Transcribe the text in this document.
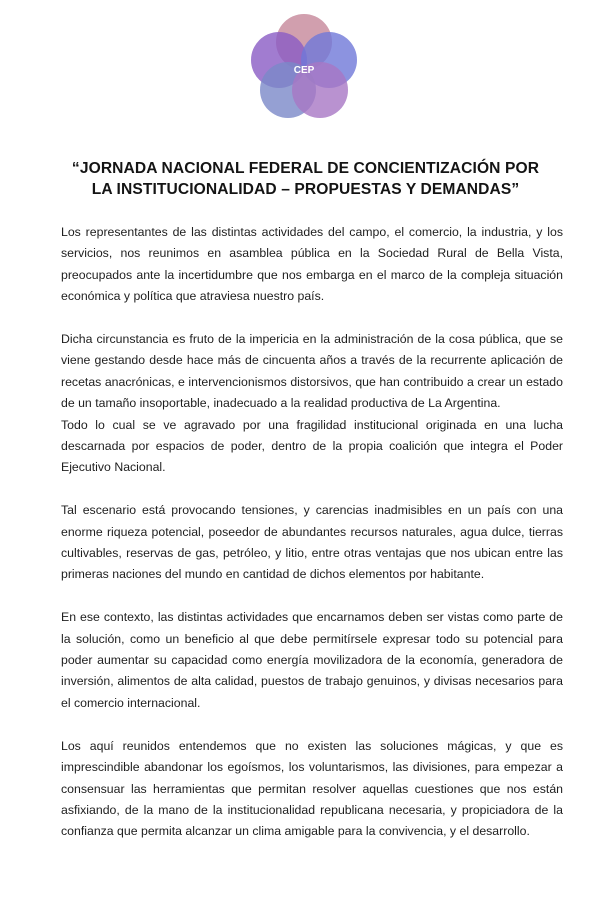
CEP
“JORNADA NACIONAL FEDERAL DE CONCIENTIZACIÓN POR
LA INSTITUCIONALIDAD – PROPUESTAS Y DEMANDAS”
Los representantes de las distintas actividades del campo, el comercio, la industria, y los
servicios, nos reunimos en asamblea pública en la Sociedad Rural de Bella Vista,
preocupados ante la incertidumbre que nos embarga en el marco de la compleja situación
económica y política que atraviesa nuestro país.
Dicha circunstancia es fruto de la impericia en la administración de la cosa pública, que se
viene gestando desde hace más de cincuenta años a través de la recurrente aplicación de
recetas anacrónicas, e intervencionismos distorsivos, que han contribuido a crear un estado
de un tamaño insoportable, inadecuado a la realidad productiva de La Argentina.
Todo lo cual se ve agravado por una fragilidad institucional originada en una lucha
descarnada por espacios de poder, dentro de la propia coalición que integra el Poder
Ejecutivo Nacional.
Tal escenario está provocando tensiones, y carencias inadmisibles en un país con una
enorme riqueza potencial, poseedor de abundantes recursos naturales, agua dulce, tierras
cultivables, reservas de gas, petróleo, y litio, entre otras ventajas que nos ubican entre las
primeras naciones del mundo en cantidad de dichos elementos por habitante.
En ese contexto, las distintas actividades que encarnamos deben ser vistas como parte de
la solución, como un beneficio al que debe permitírsele expresar todo su potencial para
poder aumentar su capacidad como energía movilizadora de la economía, generadora de
inversión, alimentos de alta calidad, puestos de trabajo genuinos, y divisas necesarios para
el comercio internacional.
Los aquí reunidos entendemos que no existen las soluciones mágicas, y que es
imprescindible abandonar los egoísmos, los voluntarismos, las divisiones, para empezar a
consensuar las herramientas que permitan resolver aquellas cuestiones que nos están
asfixiando, de la mano de la institucionalidad republicana necesaria, y propiciadora de la
confianza que permita alcanzar un clima amigable para la convivencia, y el desarrollo.
